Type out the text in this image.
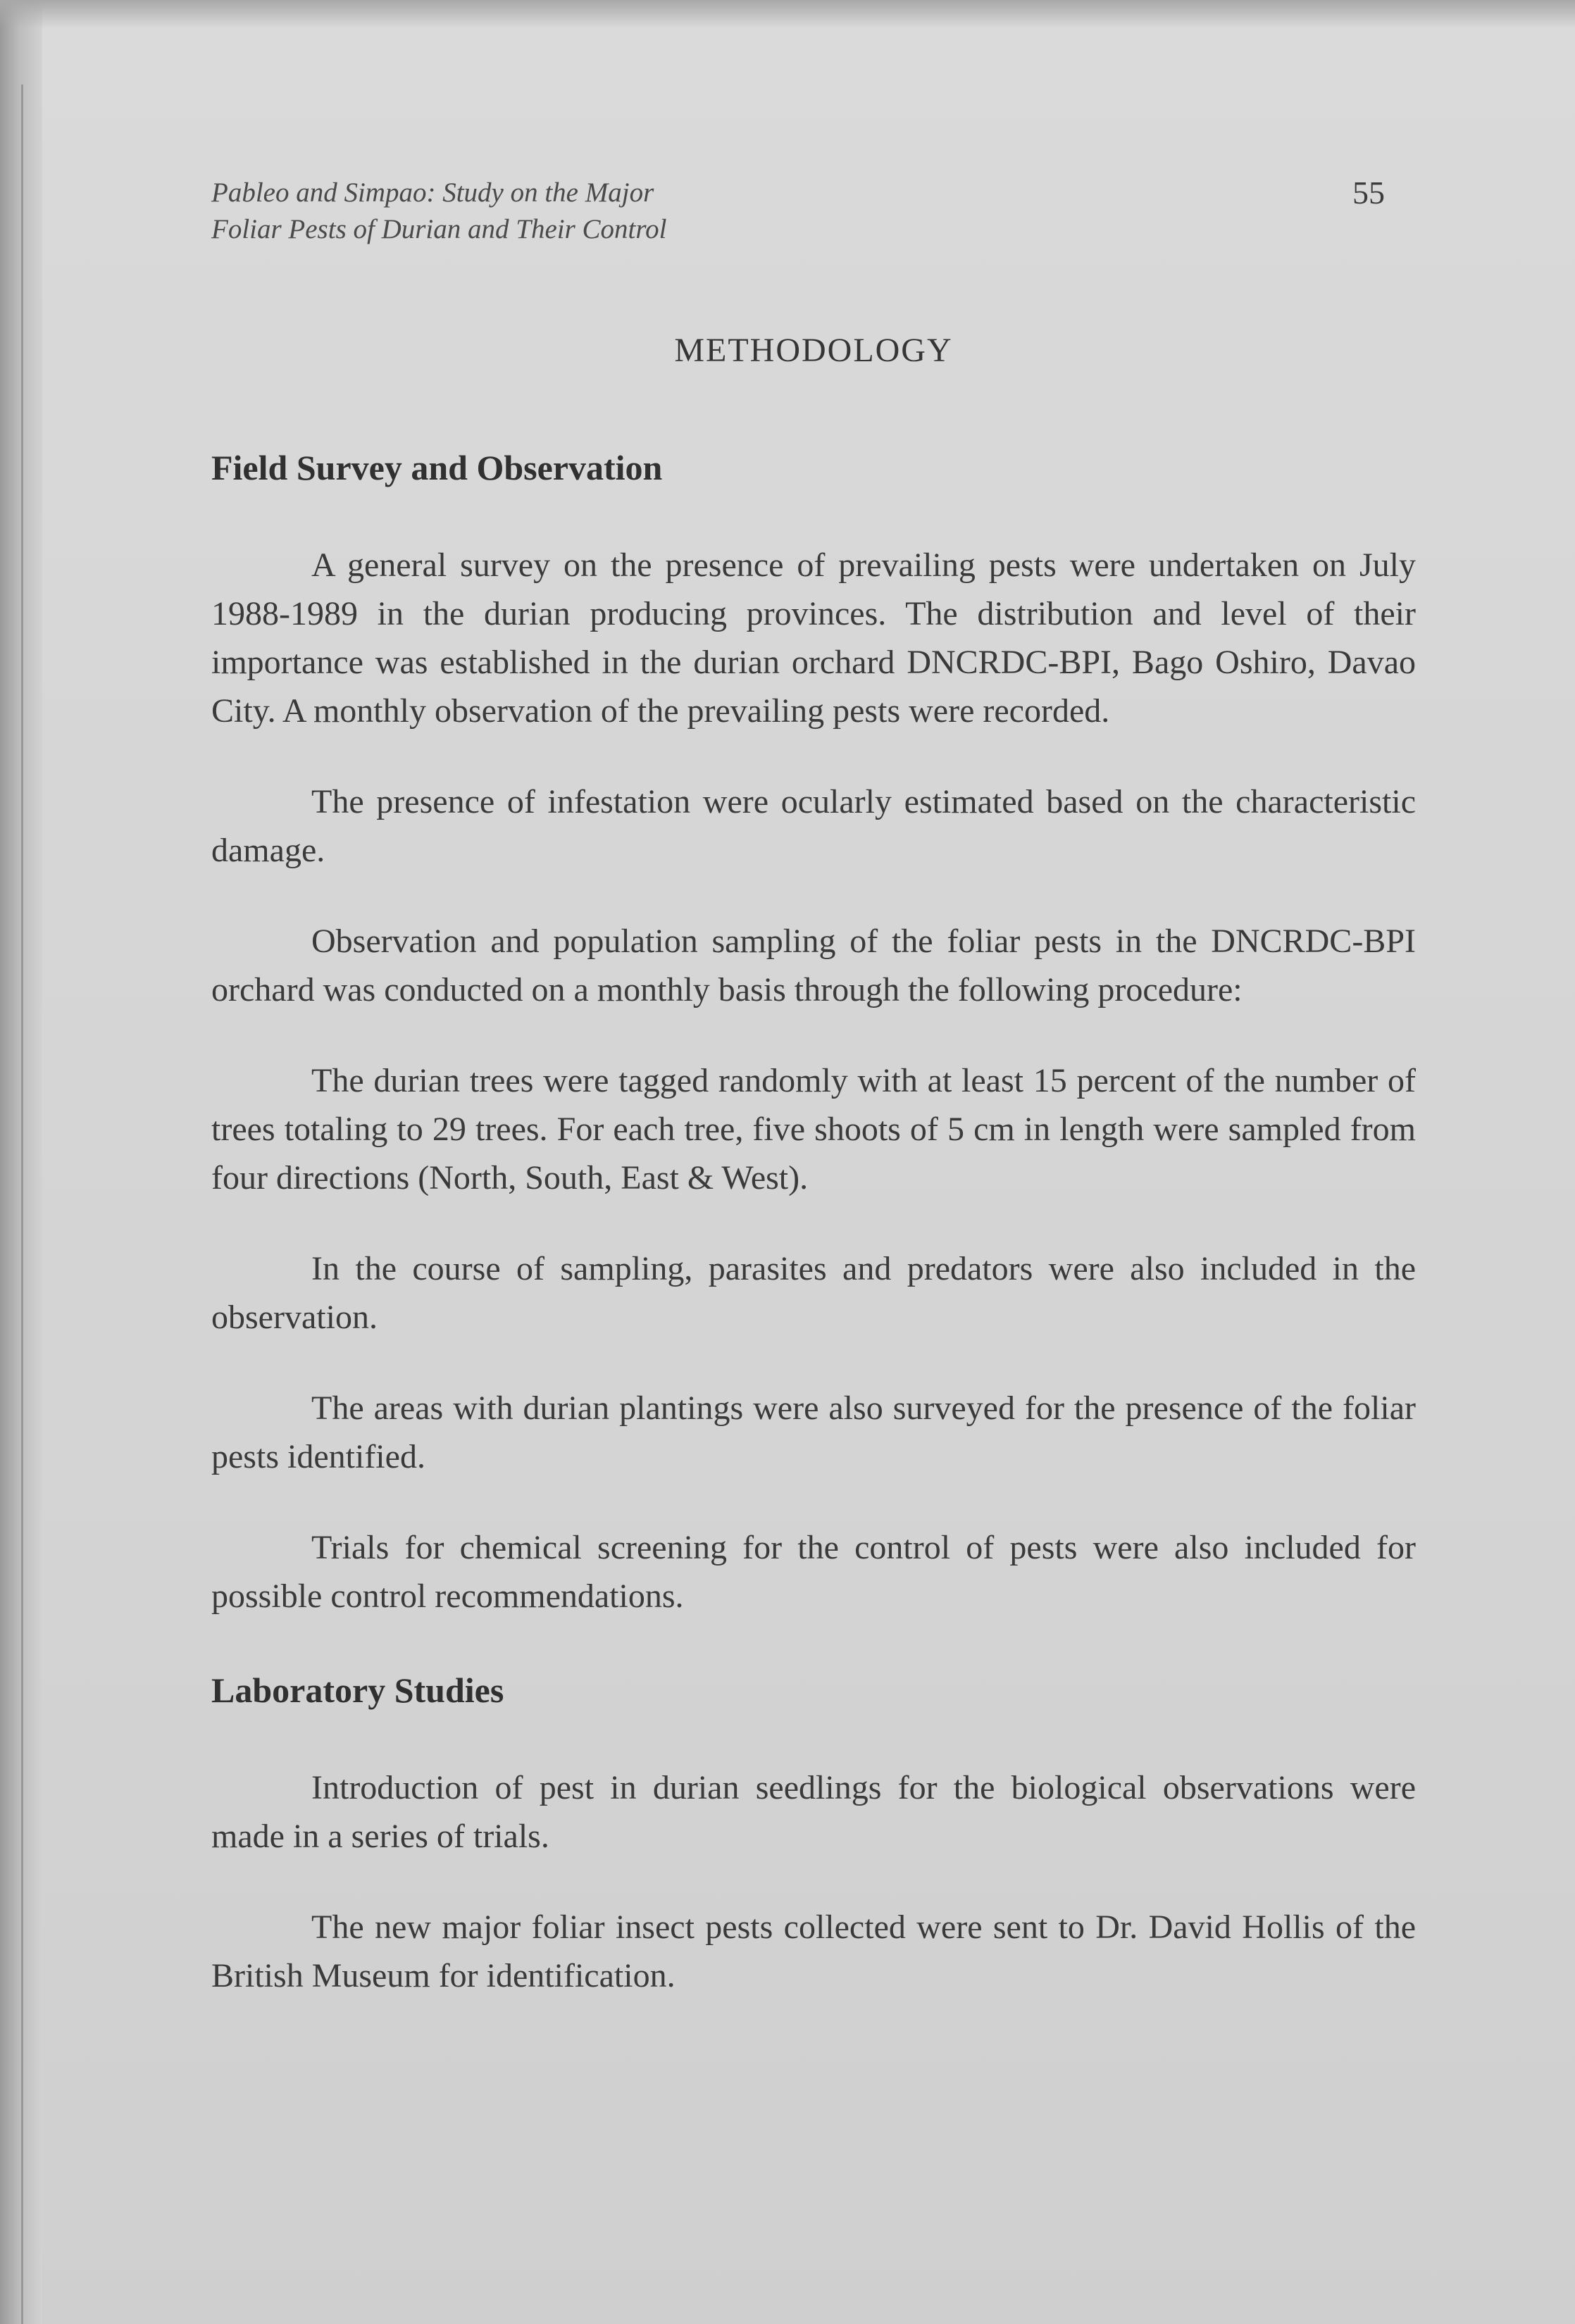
Pableo and Simpao: Study on the Major
Foliar Pests of Durian and Their Control
55
METHODOLOGY
Field Survey and Observation

A general survey on the presence of prevailing pests were undertaken on July 1988-1989 in the durian producing provinces. The distribution and level of their importance was established in the durian orchard DNCRDC-BPI, Bago Oshiro, Davao City. A monthly observation of the prevailing pests were recorded.

The presence of infestation were ocularly estimated based on the characteristic damage.

Observation and population sampling of the foliar pests in the DNCRDC-BPI orchard was conducted on a monthly basis through the following procedure:

The durian trees were tagged randomly with at least 15 percent of the number of trees totaling to 29 trees. For each tree, five shoots of 5 cm in length were sampled from four directions (North, South, East & West).

In the course of sampling, parasites and predators were also included in the observation.

The areas with durian plantings were also surveyed for the presence of the foliar pests identified.

Trials for chemical screening for the control of pests were also included for possible control recommendations.

Laboratory Studies

Introduction of pest in durian seedlings for the biological observations were made in a series of trials.

The new major foliar insect pests collected were sent to Dr. David Hollis of the British Museum for identification.
